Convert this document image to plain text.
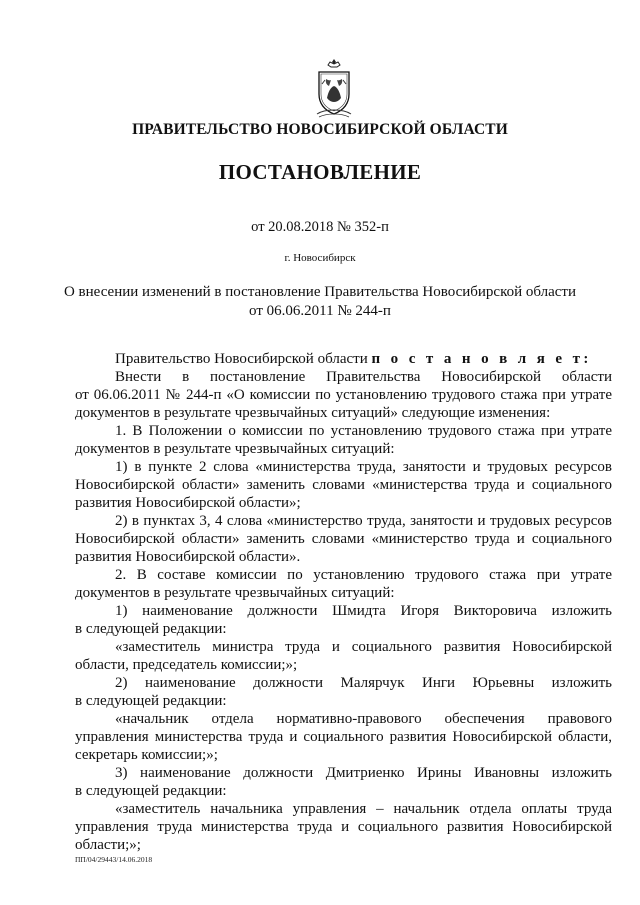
ПРАВИТЕЛЬСТВО НОВОСИБИРСКОЙ ОБЛАСТИ
ПОСТАНОВЛЕНИЕ
от 20.08.2018 № 352-п
г. Новосибирск
О внесении изменений в постановление Правительства Новосибирской области
от 06.06.2011 № 244-п
Правительство Новосибирской области п о с т а н о в л я е т:
Внести в постановление Правительства Новосибирской области
от 06.06.2011 № 244-п «О комиссии по установлению трудового стажа при утрате
документов в результате чрезвычайных ситуаций» следующие изменения:
1. В Положении о комиссии по установлению трудового стажа при утрате
документов в результате чрезвычайных ситуаций:
1) в пункте 2 слова «министерства труда, занятости и трудовых ресурсов
Новосибирской области» заменить словами «министерства труда и социального
развития Новосибирской области»;
2) в пунктах 3, 4 слова «министерство труда, занятости и трудовых ресурсов
Новосибирской области» заменить словами «министерство труда и социального
развития Новосибирской области».
2. В составе комиссии по установлению трудового стажа при утрате
документов в результате чрезвычайных ситуаций:
1) наименование должности Шмидта Игоря Викторовича изложить
в следующей редакции:
«заместитель министра труда и социального развития Новосибирской
области, председатель комиссии;»;
2) наименование должности Малярчук Инги Юрьевны изложить
в следующей редакции:
«начальник отдела нормативно-правового обеспечения правового
управления министерства труда и социального развития Новосибирской области,
секретарь комиссии;»;
3) наименование должности Дмитриенко Ирины Ивановны изложить
в следующей редакции:
«заместитель начальника управления – начальник отдела оплаты труда
управления труда министерства труда и социального развития Новосибирской
области;»;
ПП/04/29443/14.06.2018
